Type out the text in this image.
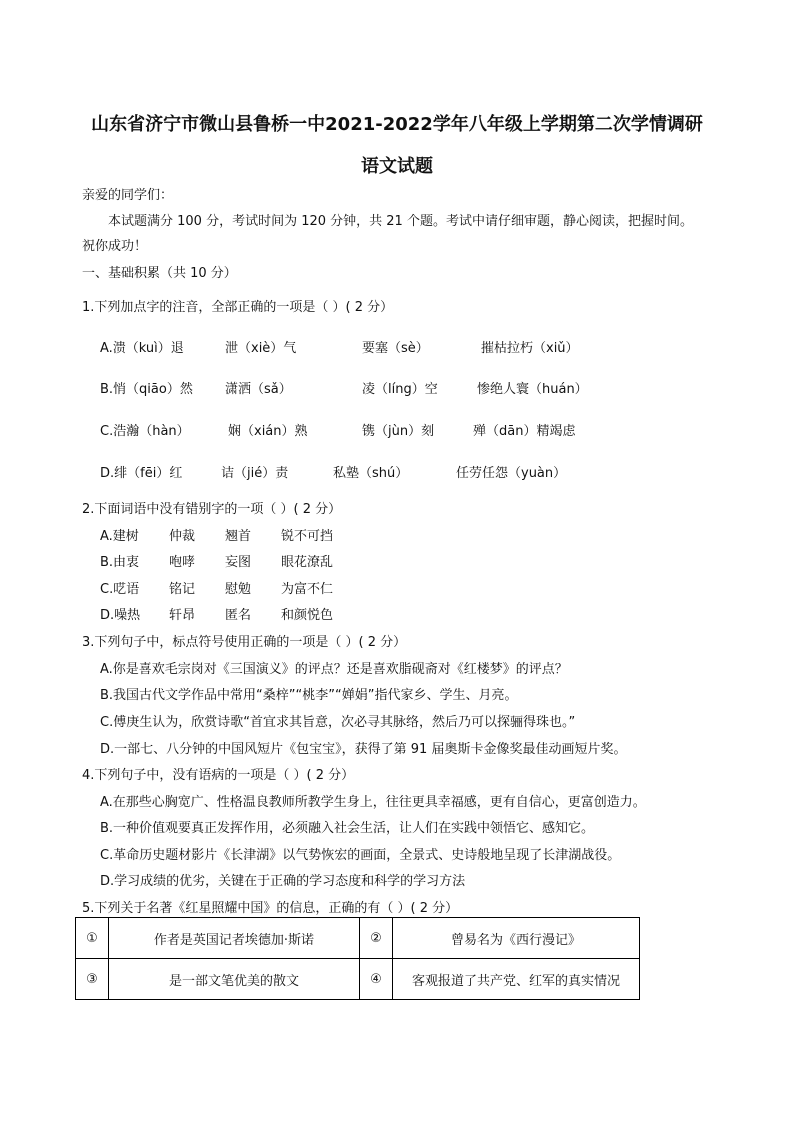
山东省济宁市微山县鲁桥一中2021-2022学年八年级上学期第二次学情调研
语文试题
亲爱的同学们：
本试题满分 100 分，考试时间为 120 分钟，共 21 个题。考试中请仔细审题，静心阅读，把握时间。
祝你成功！
一、基础积累（共 10 分）
1.下列加点字的注音，全部正确的一项是（ ）( 2 分）
A.溃（kuì）退	泄（xiè）气	要塞（sè）	摧枯拉朽（xiǔ）
B.悄（qiāo）然 潇洒（sǎ）	凌（líng）空	惨绝人寰（huán）
C.浩瀚（hàn）	娴（xián）熟	镌（jùn）刻	殚（dān）精竭虑
D.绯（fēi）红	诘（jié）责	私塾（shú）	任劳任怨（yuàn）
2.下面词语中没有错别字的一项（ ）( 2 分）
A.建树 仲裁 翘首 锐不可挡
B.由衷 咆哮 妄图 眼花潦乱
C.呓语 铭记 慰勉 为富不仁
D.噪热 轩昂 匿名 和颜悦色
3.下列句子中，标点符号使用正确的一项是（ ）( 2 分）
A.你是喜欢毛宗岗对《三国演义》的评点？还是喜欢脂砚斋对《红楼梦》的评点？
B.我国古代文学作品中常用“桑梓”“桃李”“婵娟”指代家乡、学生、月亮。
C.傅庚生认为，欣赏诗歌“首宜求其旨意，次必寻其脉络，然后乃可以探骊得珠也。”
D.一部七、八分钟的中国风短片《包宝宝》，获得了第 91 届奥斯卡金像奖最佳动画短片奖。
4.下列句子中，没有语病的一项是（ ）( 2 分）
A.在那些心胸宽广、性格温良教师所教学生身上，往往更具幸福感，更有自信心，更富创造力。
B.一种价值观要真正发挥作用，必须融入社会生活，让人们在实践中领悟它、感知它。
C.革命历史题材影片《长津湖》以气势恢宏的画面，全景式、史诗般地呈现了长津湖战役。
D.学习成绩的优劣，关键在于正确的学习态度和科学的学习方法
5.下列关于名著《红星照耀中国》的信息，正确的有（ ）( 2 分）
①	作者是英国记者埃德加·斯诺	②	曾易名为《西行漫记》
③	是一部文笔优美的散文	④	客观报道了共产党、红军的真实情况
